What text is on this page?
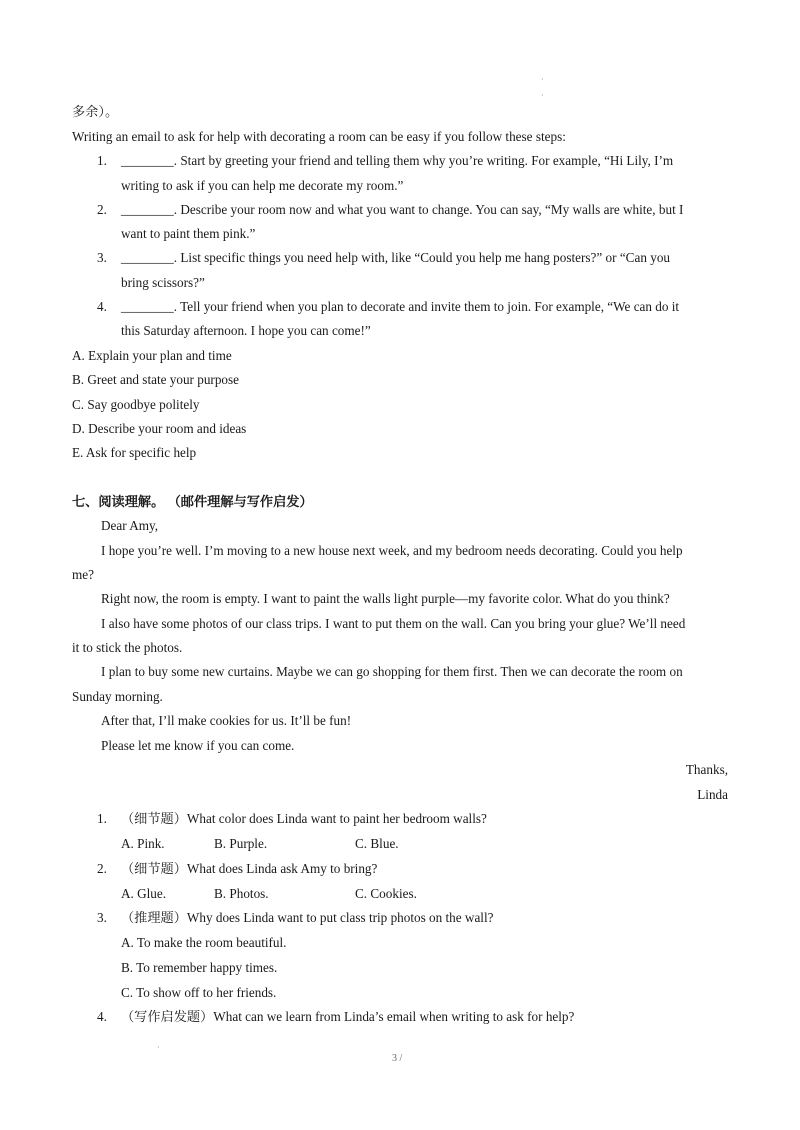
·
·
多余）。
Writing an email to ask for help with decorating a room can be easy if you follow these steps:
1. ________. Start by greeting your friend and telling them why you’re writing. For example, “Hi Lily, I’m
writing to ask if you can help me decorate my room.”
2. ________. Describe your room now and what you want to change. You can say, “My walls are white, but I
want to paint them pink.”
3. ________. List specific things you need help with, like “Could you help me hang posters?” or “Can you
bring scissors?”
4. ________. Tell your friend when you plan to decorate and invite them to join. For example, “We can do it
this Saturday afternoon. I hope you can come!”
A. Explain your plan and time
B. Greet and state your purpose
C. Say goodbye politely
D. Describe your room and ideas
E. Ask for specific help
七、阅读理解。 （邮件理解与写作启发）
Dear Amy,
I hope you’re well. I’m moving to a new house next week, and my bedroom needs decorating. Could you help
me?
Right now, the room is empty. I want to paint the walls light purple—my favorite color. What do you think?
I also have some photos of our class trips. I want to put them on the wall. Can you bring your glue? We’ll need
it to stick the photos.
I plan to buy some new curtains. Maybe we can go shopping for them first. Then we can decorate the room on
Sunday morning.
After that, I’ll make cookies for us. It’ll be fun!
Please let me know if you can come.
Thanks,
Linda
1. （细节题）What color does Linda want to paint her bedroom walls?
A. Pink.	B. Purple.	C. Blue.
2. （细节题）What does Linda ask Amy to bring?
A. Glue.	B. Photos.	C. Cookies.
3. （推理题）Why does Linda want to put class trip photos on the wall?
A. To make the room beautiful.
B. To remember happy times.
C. To show off to her friends.
4. （写作启发题）What can we learn from Linda’s email when writing to ask for help?
·
3 /
